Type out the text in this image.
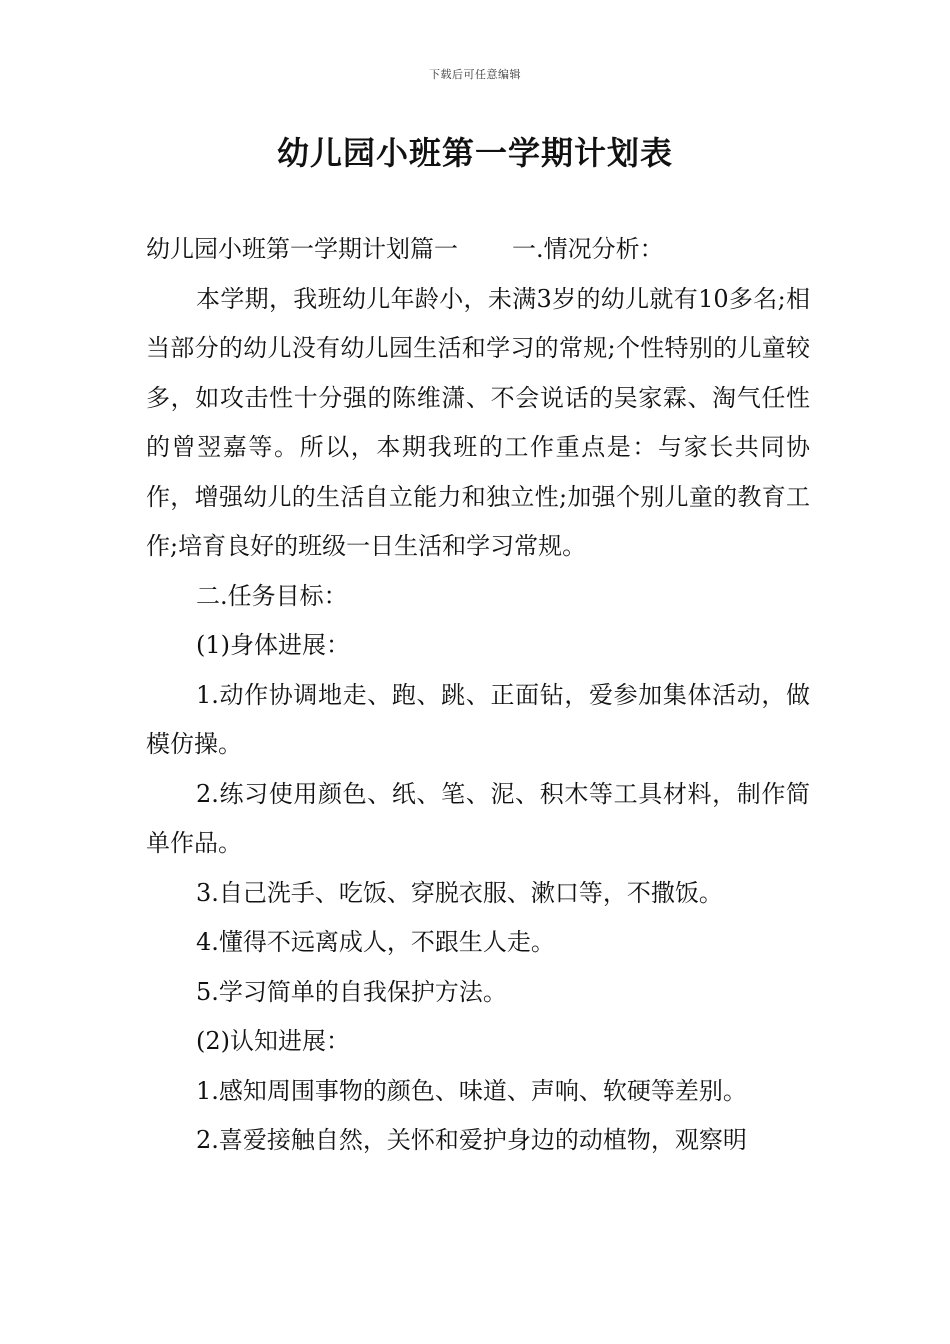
下载后可任意编辑
幼儿园小班第一学期计划表

幼儿园小班第一学期计划篇一 一.情况分析：

本学期，我班幼儿年龄小，未满3岁的幼儿就有10多名;相当部分的幼儿没有幼儿园生活和学习的常规;个性特别的儿童较多，如攻击性十分强的陈维潇、不会说话的吴家霖、淘气任性的曾翌嘉等。所以，本期我班的工作重点是：与家长共同协作，增强幼儿的生活自立能力和独立性;加强个别儿童的教育工作;培育良好的班级一日生活和学习常规。

二.任务目标：

(1)身体进展：

1.动作协调地走、跑、跳、正面钻，爱参加集体活动，做模仿操。

2.练习使用颜色、纸、笔、泥、积木等工具材料，制作简单作品。

3.自己洗手、吃饭、穿脱衣服、漱口等，不撒饭。

4.懂得不远离成人，不跟生人走。

5.学习简单的自我保护方法。

(2)认知进展：

1.感知周围事物的颜色、味道、声响、软硬等差别。

2.喜爱接触自然，关怀和爱护身边的动植物，观察明
